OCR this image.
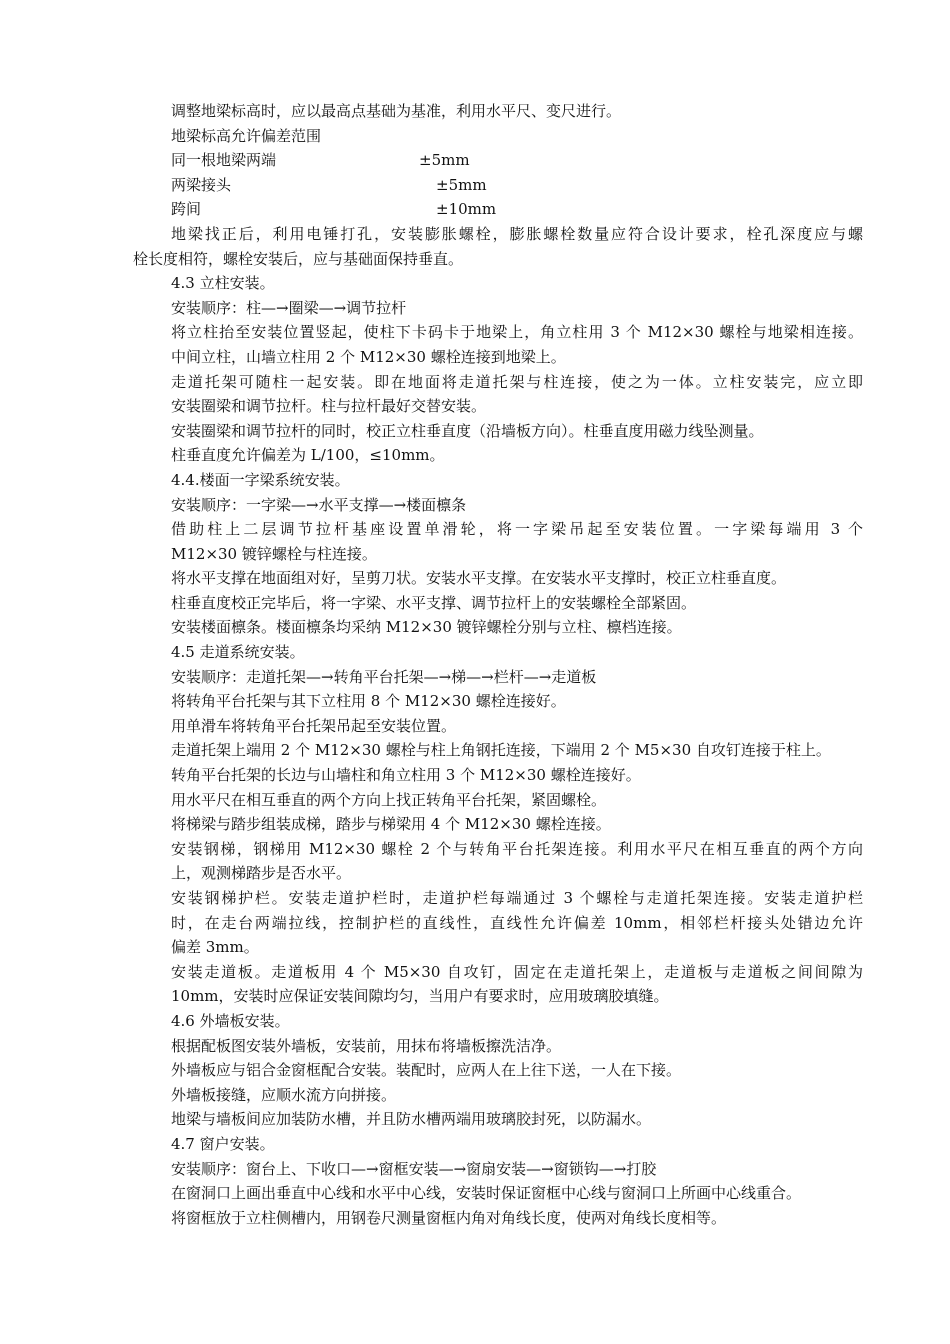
调整地梁标高时，应以最高点基础为基准，利用水平尺、变尺进行。
地梁标高允许偏差范围
同一根地梁两端	±5mm
两梁接头	±5mm
跨间	±10mm
地梁找正后，利用电锤打孔，安装膨胀螺栓，膨胀螺栓数量应符合设计要求，栓孔深度应与螺
栓长度相符，螺栓安装后，应与基础面保持垂直。
4.3 立柱安装。
安装顺序：柱—→圈梁—→调节拉杆
将立柱抬至安装位置竖起，使柱下卡码卡于地梁上，角立柱用 3 个 M12×30 螺栓与地梁相连接。
中间立柱，山墙立柱用 2 个 M12×30 螺栓连接到地梁上。
走道托架可随柱一起安装。即在地面将走道托架与柱连接，使之为一体。立柱安装完，应立即
安装圈梁和调节拉杆。柱与拉杆最好交替安装。
安装圈梁和调节拉杆的同时，校正立柱垂直度（沿墙板方向）。柱垂直度用磁力线坠测量。
柱垂直度允许偏差为 L/100，≤10mm。
4.4.楼面一字梁系统安装。
安装顺序：一字梁—→水平支撑—→楼面檩条
借助柱上二层调节拉杆基座设置单滑轮，将一字梁吊起至安装位置。一字梁每端用 3 个
M12×30 镀锌螺栓与柱连接。
将水平支撑在地面组对好，呈剪刀状。安装水平支撑。在安装水平支撑时，校正立柱垂直度。
柱垂直度校正完毕后，将一字梁、水平支撑、调节拉杆上的安装螺栓全部紧固。
安装楼面檩条。楼面檩条均采纳 M12×30 镀锌螺栓分别与立柱、檩档连接。
4.5 走道系统安装。
安装顺序：走道托架—→转角平台托架—→梯—→栏杆—→走道板
将转角平台托架与其下立柱用 8 个 M12×30 螺栓连接好。
用单滑车将转角平台托架吊起至安装位置。
走道托架上端用 2 个 M12×30 螺栓与柱上角钢托连接，下端用 2 个 M5×30 自攻钉连接于柱上。
转角平台托架的长边与山墙柱和角立柱用 3 个 M12×30 螺栓连接好。
用水平尺在相互垂直的两个方向上找正转角平台托架，紧固螺栓。
将梯梁与踏步组装成梯，踏步与梯梁用 4 个 M12×30 螺栓连接。
安装钢梯，钢梯用 M12×30 螺栓 2 个与转角平台托架连接。利用水平尺在相互垂直的两个方向
上，观测梯踏步是否水平。
安装钢梯护栏。安装走道护栏时，走道护栏每端通过 3 个螺栓与走道托架连接。安装走道护栏
时，在走台两端拉线，控制护栏的直线性，直线性允许偏差 10mm，相邻栏杆接头处错边允许
偏差 3mm。
安装走道板。走道板用 4 个 M5×30 自攻钉，固定在走道托架上，走道板与走道板之间间隙为
10mm，安装时应保证安装间隙均匀，当用户有要求时，应用玻璃胶填缝。
4.6 外墙板安装。
根据配板图安装外墙板，安装前，用抹布将墙板擦洗洁净。
外墙板应与铝合金窗框配合安装。装配时，应两人在上往下送，一人在下接。
外墙板接缝，应顺水流方向拼接。
地梁与墙板间应加装防水槽，并且防水槽两端用玻璃胶封死，以防漏水。
4.7 窗户安装。
安装顺序：窗台上、下收口—→窗框安装—→窗扇安装—→窗锁钩—→打胶
在窗洞口上画出垂直中心线和水平中心线，安装时保证窗框中心线与窗洞口上所画中心线重合。
将窗框放于立柱侧槽内，用钢卷尺测量窗框内角对角线长度，使两对角线长度相等。
